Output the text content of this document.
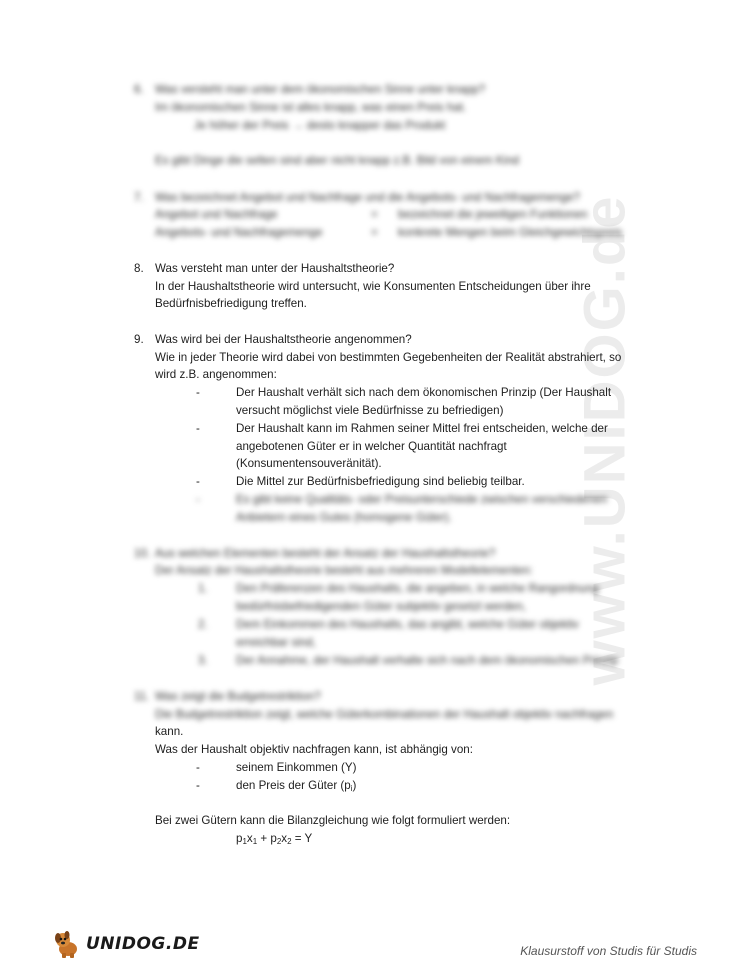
www.UNIDOG.de
6. Was versteht man unter dem ökonomischen Sinne unter knapp?
Im ökonomischen Sinne ist alles knapp, was einen Preis hat.
Je höher der Preis → desto knapper das Produkt
Es gibt Dinge die selten sind aber nicht knapp z.B. Bild von einem Kind
7. Was bezeichnet Angebot und Nachfrage und die Angebots- und Nachfragemenge?
Angebot und Nachfrage	= bezeichnet die jeweiligen Funktionen
Angebots- und Nachfragemenge	= konkrete Mengen beim Gleichgewichtspreis
8. Was versteht man unter der Haushaltstheorie?
In der Haushaltstheorie wird untersucht, wie Konsumenten Entscheidungen über ihre
Bedürfnisbefriedigung treffen.
9. Was wird bei der Haushaltstheorie angenommen?
Wie in jeder Theorie wird dabei von bestimmten Gegebenheiten der Realität abstrahiert, so
wird z.B. angenommen:
-	Der Haushalt verhält sich nach dem ökonomischen Prinzip (Der Haushalt
versucht möglichst viele Bedürfnisse zu befriedigen)
-	Der Haushalt kann im Rahmen seiner Mittel frei entscheiden, welche der
angebotenen Güter er in welcher Quantität nachfragt
(Konsumentensouveränität).
-	Die Mittel zur Bedürfnisbefriedigung sind beliebig teilbar.
-	Es gibt keine Qualitäts- oder Preisunterschiede zwischen verschiedenen
Anbietern eines Gutes (homogene Güter).
10. Aus welchen Elementen besteht der Ansatz der Haushaltstheorie?
Der Ansatz der Haushaltstheorie besteht aus mehreren Modellelementen:
1. Den Präferenzen des Haushalts, die angeben, in welche Rangordnung
bedürfnisbefriedigenden Güter subjektiv gesetzt werden,
2. Dem Einkommen des Haushalts, das angibt, welche Güter objektiv
erreichbar sind,
3. Der Annahme, der Haushalt verhalte sich nach dem ökonomischen Prinzip
11. Was zeigt die Budgetrestriktion?
Die Budgetrestriktion zeigt, welche Güterkombinationen der Haushalt objektiv nachfragen
kann.
Was der Haushalt objektiv nachfragen kann, ist abhängig von:
-	seinem Einkommen (Y)
-	den Preis der Güter $(p_i)$
Bei zwei Gütern kann die Bilanzgleichung wie folgt formuliert werden:
$p_1x_1 + p_2x_2 = Y$
UNIDOG.DE	Klausurstoff von Studis für Studis
